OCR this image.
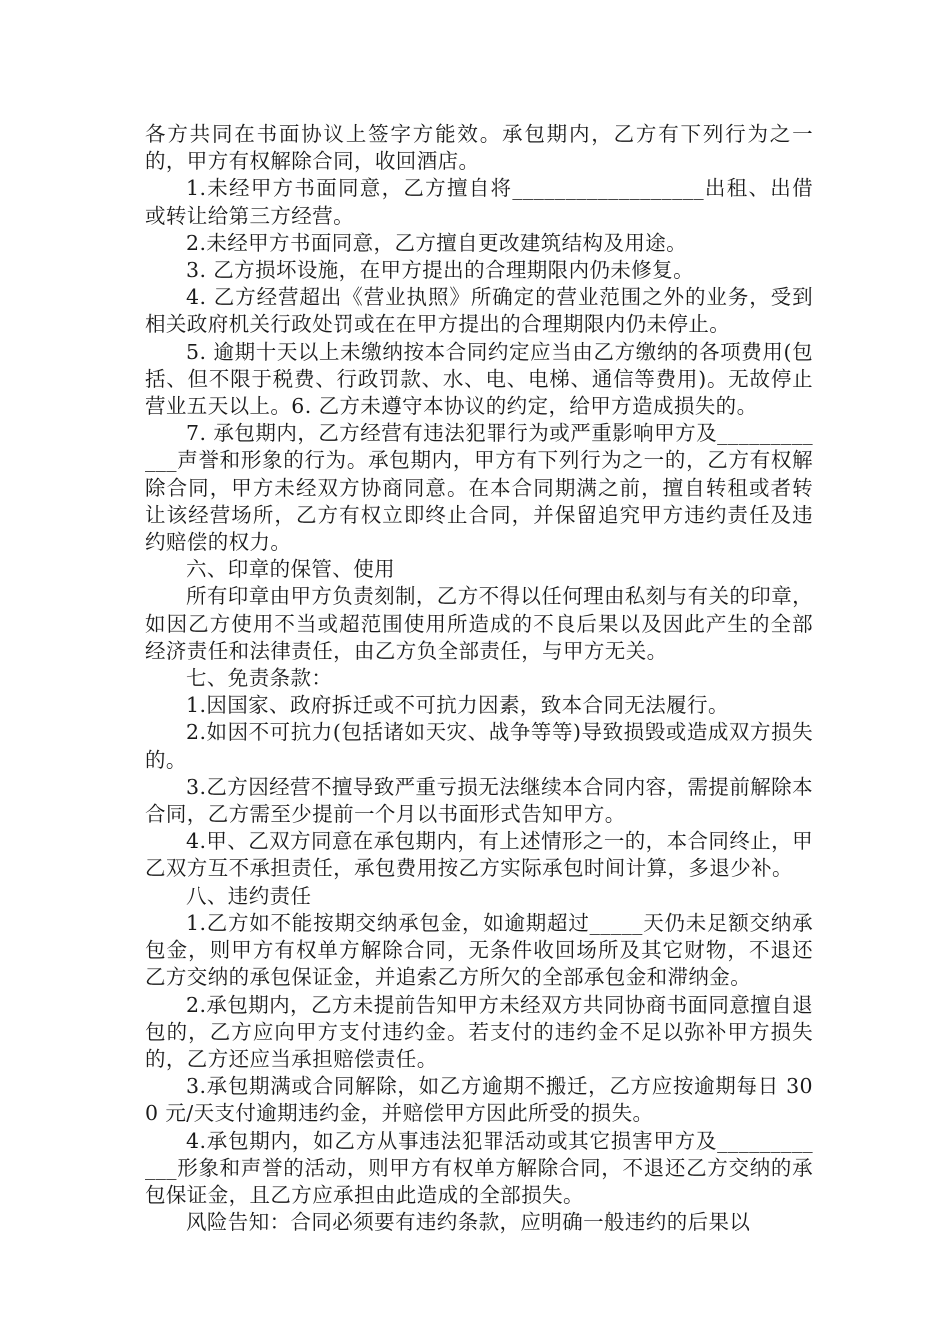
各方共同在书面协议上签字方能效。承包期内，乙方有下列行为之一的，甲方有权解除合同，收回酒店。

1.未经甲方书面同意，乙方擅自将__________________出租、出借或转让给第三方经营。

2.未经甲方书面同意，乙方擅自更改建筑结构及用途。

3. 乙方损坏设施，在甲方提出的合理期限内仍未修复。

4. 乙方经营超出《营业执照》所确定的营业范围之外的业务，受到相关政府机关行政处罚或在在甲方提出的合理期限内仍未停止。

5. 逾期十天以上未缴纳按本合同约定应当由乙方缴纳的各项费用(包括、但不限于税费、行政罚款、水、电、电梯、通信等费用)。无故停止营业五天以上。6. 乙方未遵守本协议的约定，给甲方造成损失的。

7. 承包期内，乙方经营有违法犯罪行为或严重影响甲方及____________声誉和形象的行为。承包期内，甲方有下列行为之一的，乙方有权解除合同，甲方未经双方协商同意。在本合同期满之前，擅自转租或者转让该经营场所，乙方有权立即终止合同，并保留追究甲方违约责任及违约赔偿的权力。

六、印章的保管、使用

所有印章由甲方负责刻制，乙方不得以任何理由私刻与有关的印章，如因乙方使用不当或超范围使用所造成的不良后果以及因此产生的全部经济责任和法律责任，由乙方负全部责任，与甲方无关。

七、免责条款：

1.因国家、政府拆迁或不可抗力因素，致本合同无法履行。

2.如因不可抗力(包括诸如天灾、战争等等)导致损毁或造成双方损失的。

3.乙方因经营不擅导致严重亏损无法继续本合同内容，需提前解除本合同，乙方需至少提前一个月以书面形式告知甲方。

4.甲、乙双方同意在承包期内，有上述情形之一的，本合同终止，甲乙双方互不承担责任，承包费用按乙方实际承包时间计算，多退少补。

八、违约责任

1.乙方如不能按期交纳承包金，如逾期超过_____天仍未足额交纳承包金，则甲方有权单方解除合同，无条件收回场所及其它财物，不退还乙方交纳的承包保证金，并追索乙方所欠的全部承包金和滞纳金。

2.承包期内，乙方未提前告知甲方未经双方共同协商书面同意擅自退包的，乙方应向甲方支付违约金。若支付的违约金不足以弥补甲方损失的，乙方还应当承担赔偿责任。

3.承包期满或合同解除，如乙方逾期不搬迁，乙方应按逾期每日 300 元/天支付逾期违约金，并赔偿甲方因此所受的损失。

4.承包期内，如乙方从事违法犯罪活动或其它损害甲方及____________形象和声誉的活动，则甲方有权单方解除合同，不退还乙方交纳的承包保证金，且乙方应承担由此造成的全部损失。

风险告知：合同必须要有违约条款，应明确一般违约的后果以
